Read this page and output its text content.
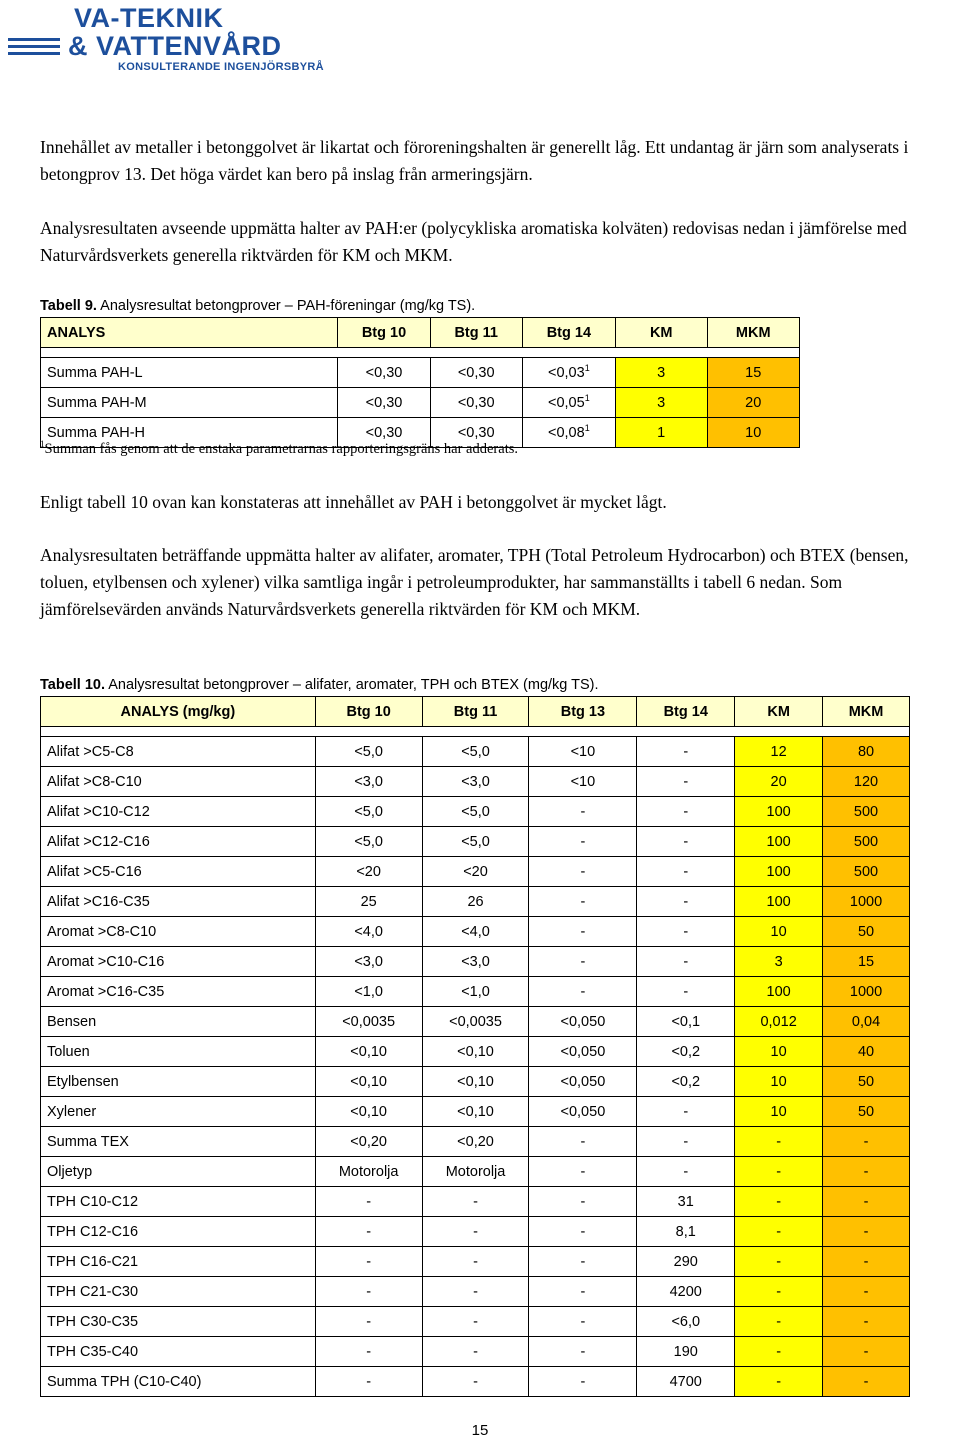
VA-TEKNIK
& VATTENVÅRD
KONSULTERANDE INGENJÖRSBYRÅ

Innehållet av metaller i betonggolvet är likartat och föroreningshalten är generellt låg. Ett undantag är järn som analyserats i betongprov 13. Det höga värdet kan bero på inslag från armeringsjärn.

Analysresultaten avseende uppmätta halter av PAH:er (polycykliska aromatiska kolväten) redovisas nedan i jämförelse med Naturvårdsverkets generella riktvärden för KM och MKM.

Tabell 9. Analysresultat betongprover – PAH-föreningar (mg/kg TS).

ANALYS	Btg 10	Btg 11	Btg 14	KM	MKM

Summa PAH-L	<0,30	<0,30	$<0,03^1$	3	15
Summa PAH-M	<0,30	<0,30	$<0,05^1$	3	20
Summa PAH-H	<0,30	<0,30	$<0,08^1$	1	10
$^1$Summan fås genom att de enstaka parametrarnas rapporteringsgräns har adderats.

Enligt tabell 10 ovan kan konstateras att innehållet av PAH i betonggolvet är mycket lågt.

Analysresultaten beträffande uppmätta halter av alifater, aromater, TPH (Total Petroleum Hydrocarbon) och BTEX (bensen, toluen, etylbensen och xylener) vilka samtliga ingår i petroleumprodukter, har sammanställts i tabell 6 nedan. Som jämförelsevärden används Naturvårdsverkets generella riktvärden för KM och MKM.

Tabell 10. Analysresultat betongprover – alifater, aromater, TPH och BTEX (mg/kg TS).

ANALYS (mg/kg)	Btg 10	Btg 11	Btg 13	Btg 14	KM	MKM

Alifat >C5-C8	<5,0	<5,0	<10	-	12	80
Alifat >C8-C10	<3,0	<3,0	<10	-	20	120
Alifat >C10-C12	<5,0	<5,0	-	-	100	500
Alifat >C12-C16	<5,0	<5,0	-	-	100	500
Alifat >C5-C16	<20	<20	-	-	100	500
Alifat >C16-C35	25	26	-	-	100	1000
Aromat >C8-C10	<4,0	<4,0	-	-	10	50
Aromat >C10-C16	<3,0	<3,0	-	-	3	15
Aromat >C16-C35	<1,0	<1,0	-	-	100	1000
Bensen	<0,0035	<0,0035	<0,050	<0,1	0,012	0,04
Toluen	<0,10	<0,10	<0,050	<0,2	10	40
Etylbensen	<0,10	<0,10	<0,050	<0,2	10	50
Xylener	<0,10	<0,10	<0,050	-	10	50
Summa TEX	<0,20	<0,20	-	-	-	-
Oljetyp	Motorolja	Motorolja	-	-	-	-
TPH C10-C12	-	-	-	31	-	-
TPH C12-C16	-	-	-	8,1	-	-
TPH C16-C21	-	-	-	290	-	-
TPH C21-C30	-	-	-	4200	-	-
TPH C30-C35	-	-	-	<6,0	-	-
TPH C35-C40	-	-	-	190	-	-
Summa TPH (C10-C40)	-	-	-	4700	-	-
15
